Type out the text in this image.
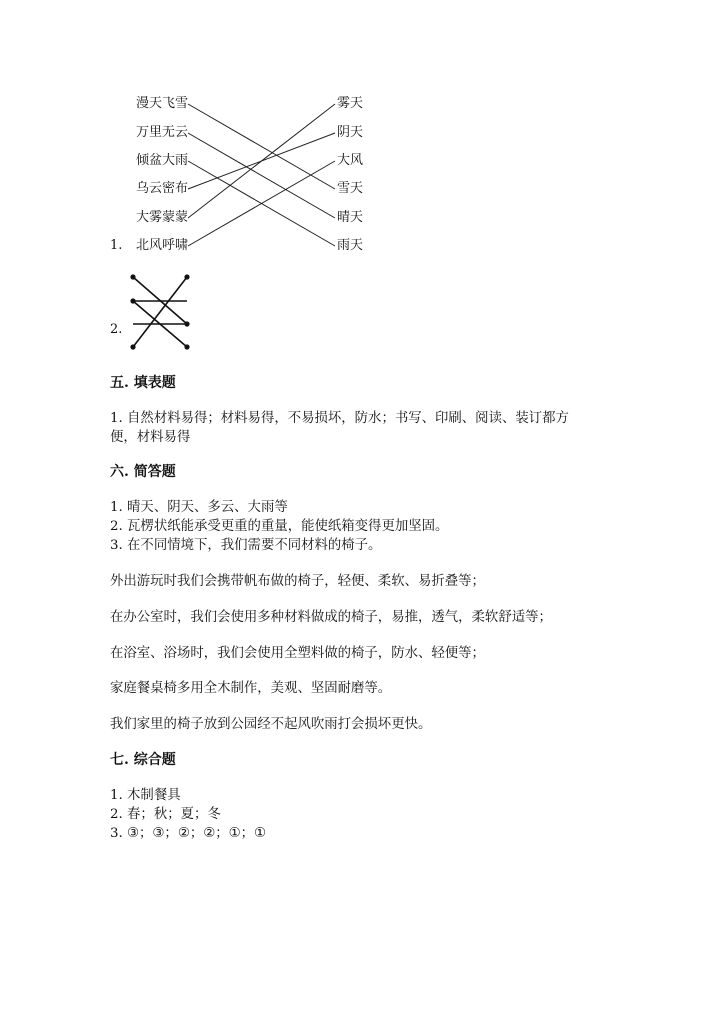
1.
漫天飞雪
万里无云
倾盆大雨
乌云密布
大雾蒙蒙
北风呼啸
雾天
阴天
大风
雪天
晴天
雨天
2.
五. 填表题
1. 自然材料易得；材料易得，不易损坏，防水；书写、印刷、阅读、装订都方
便，材料易得
六. 简答题
1. 晴天、阴天、多云、大雨等
2. 瓦楞状纸能承受更重的重量，能使纸箱变得更加坚固。
3. 在不同情境下，我们需要不同材料的椅子。
外出游玩时我们会携带帆布做的椅子，轻便、柔软、易折叠等；
在办公室时，我们会使用多种材料做成的椅子，易推，透气，柔软舒适等；
在浴室、浴场时，我们会使用全塑料做的椅子，防水、轻便等；
家庭餐桌椅多用全木制作，美观、坚固耐磨等。
我们家里的椅子放到公园经不起风吹雨打会损坏更快。
七. 综合题
1. 木制餐具
2. 春；秋；夏；冬
3. ③；③；②；②；①；①
